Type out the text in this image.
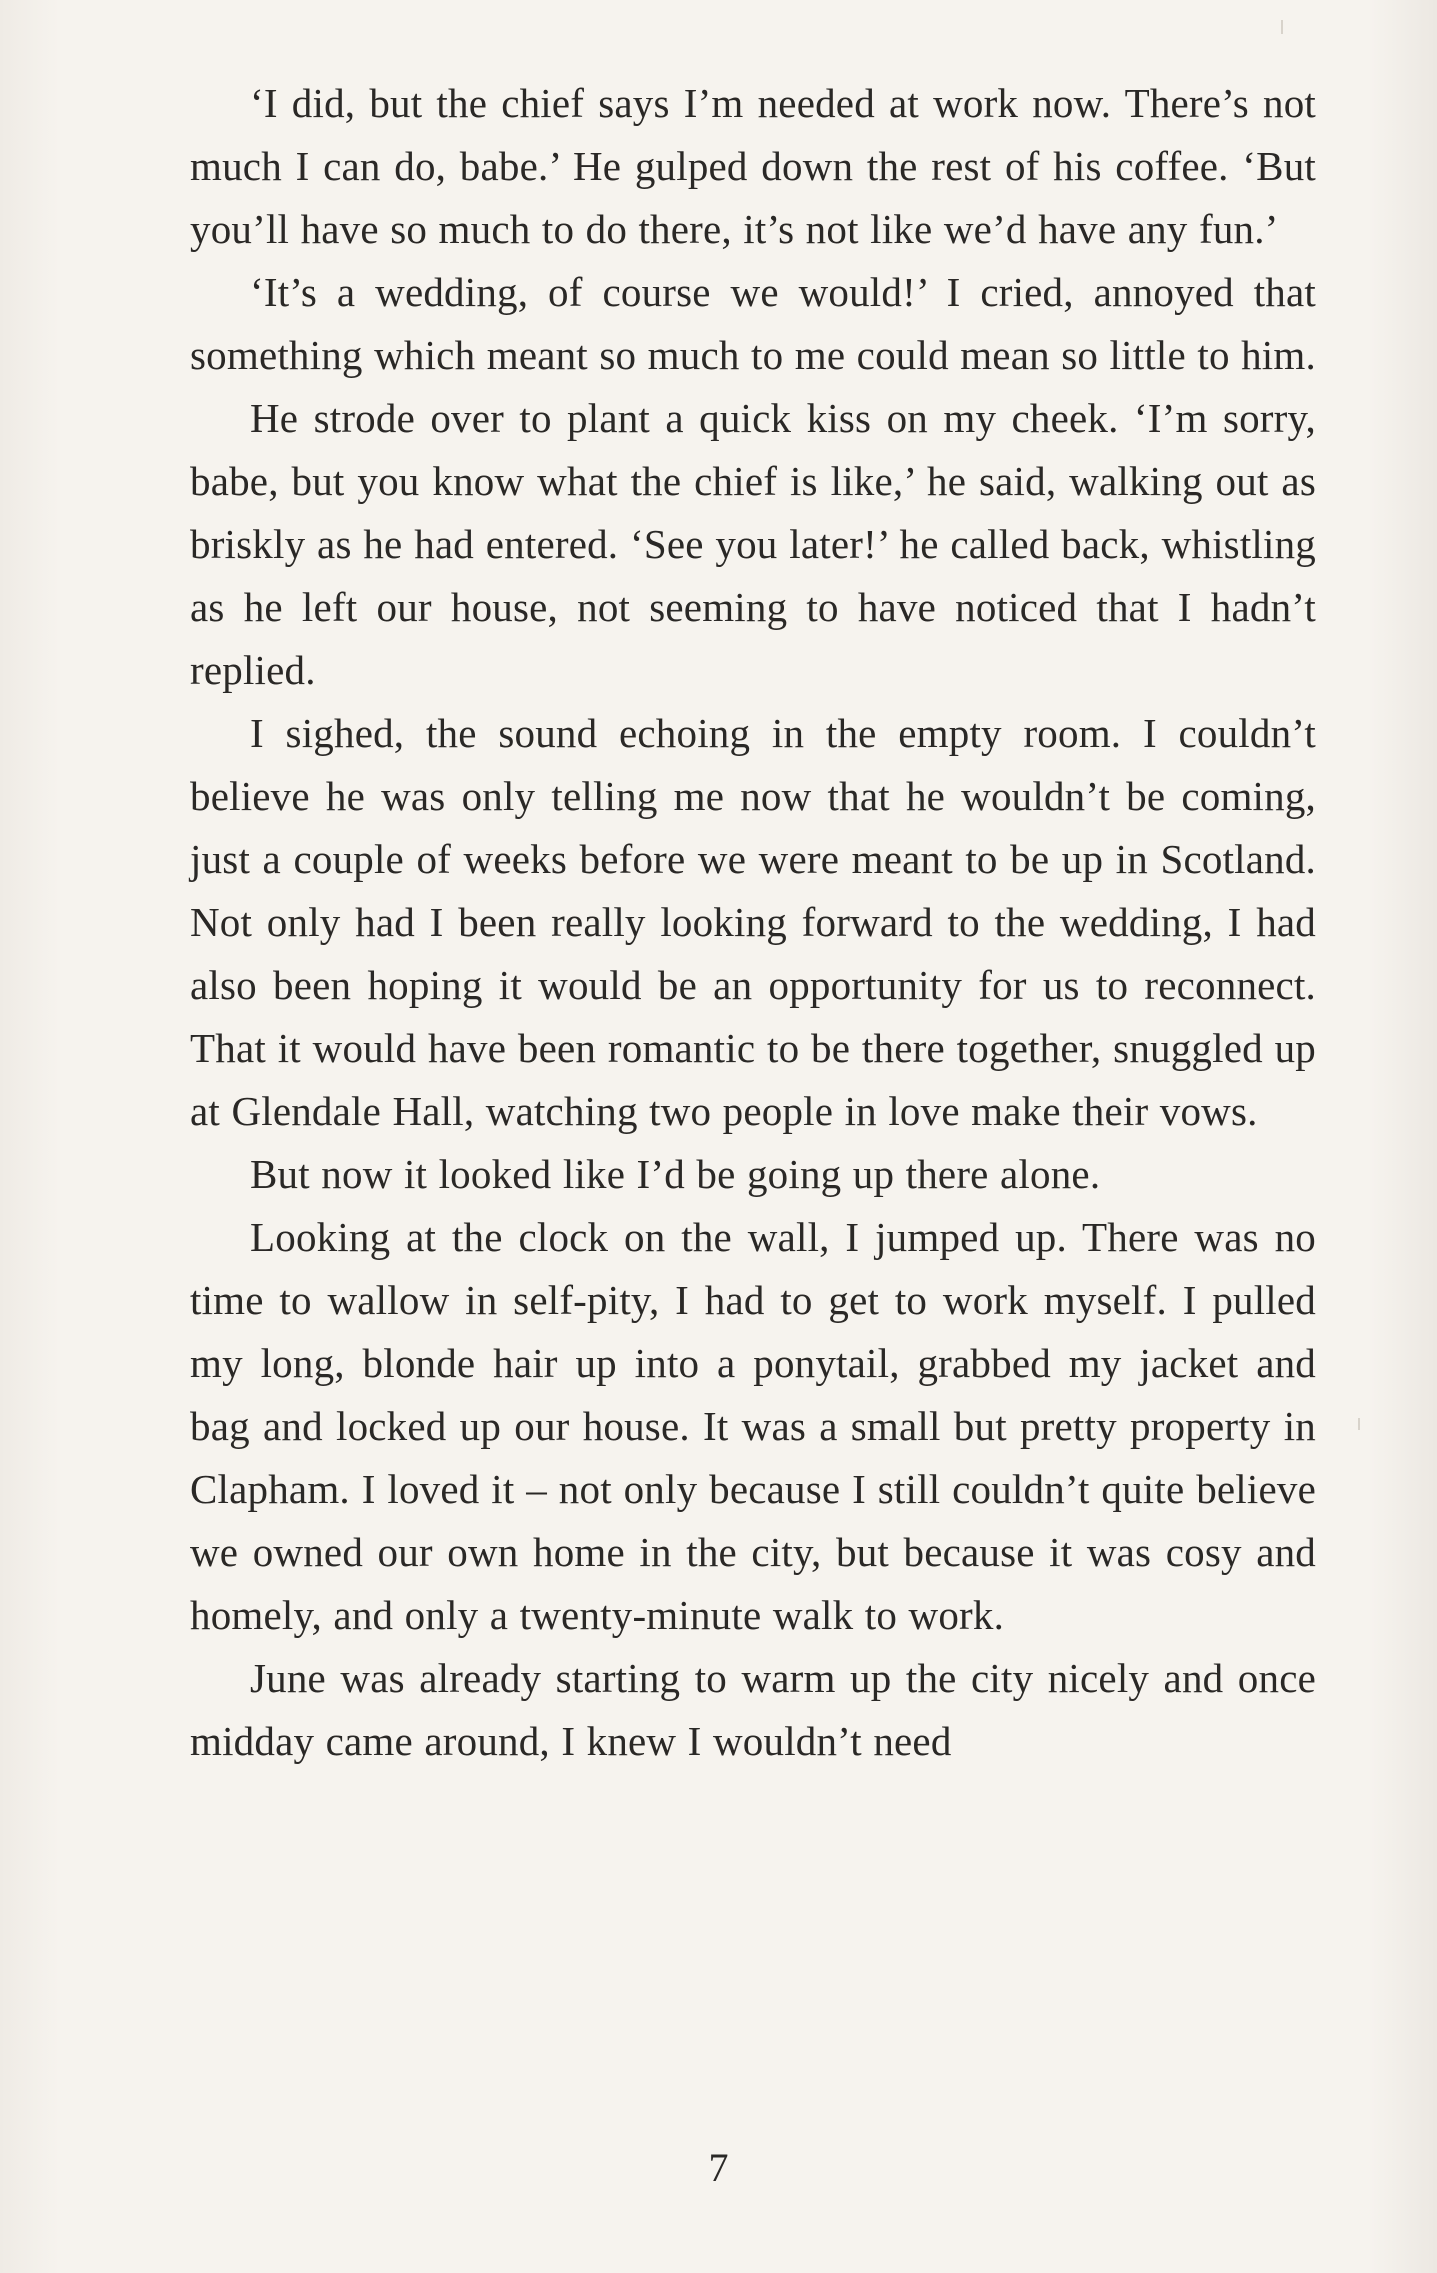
‘I did, but the chief says I’m needed at work now. There’s not much I can do, babe.’ He gulped down the rest of his coffee. ‘But you’ll have so much to do there, it’s not like we’d have any fun.’

‘It’s a wedding, of course we would!’ I cried, annoyed that something which meant so much to me could mean so little to him.

He strode over to plant a quick kiss on my cheek. ‘I’m sorry, babe, but you know what the chief is like,’ he said, walking out as briskly as he had entered. ‘See you later!’ he called back, whistling as he left our house, not seeming to have noticed that I hadn’t replied.

I sighed, the sound echoing in the empty room. I couldn’t believe he was only telling me now that he wouldn’t be coming, just a couple of weeks before we were meant to be up in Scotland. Not only had I been really looking forward to the wedding, I had also been hoping it would be an opportunity for us to reconnect. That it would have been romantic to be there together, snuggled up at Glendale Hall, watching two people in love make their vows.

But now it looked like I’d be going up there alone.

Looking at the clock on the wall, I jumped up. There was no time to wallow in self-pity, I had to get to work myself. I pulled my long, blonde hair up into a ponytail, grabbed my jacket and bag and locked up our house. It was a small but pretty property in Clapham. I loved it – not only because I still couldn’t quite believe we owned our own home in the city, but because it was cosy and homely, and only a twenty-minute walk to work.

June was already starting to warm up the city nicely and once midday came around, I knew I wouldn’t need

7
